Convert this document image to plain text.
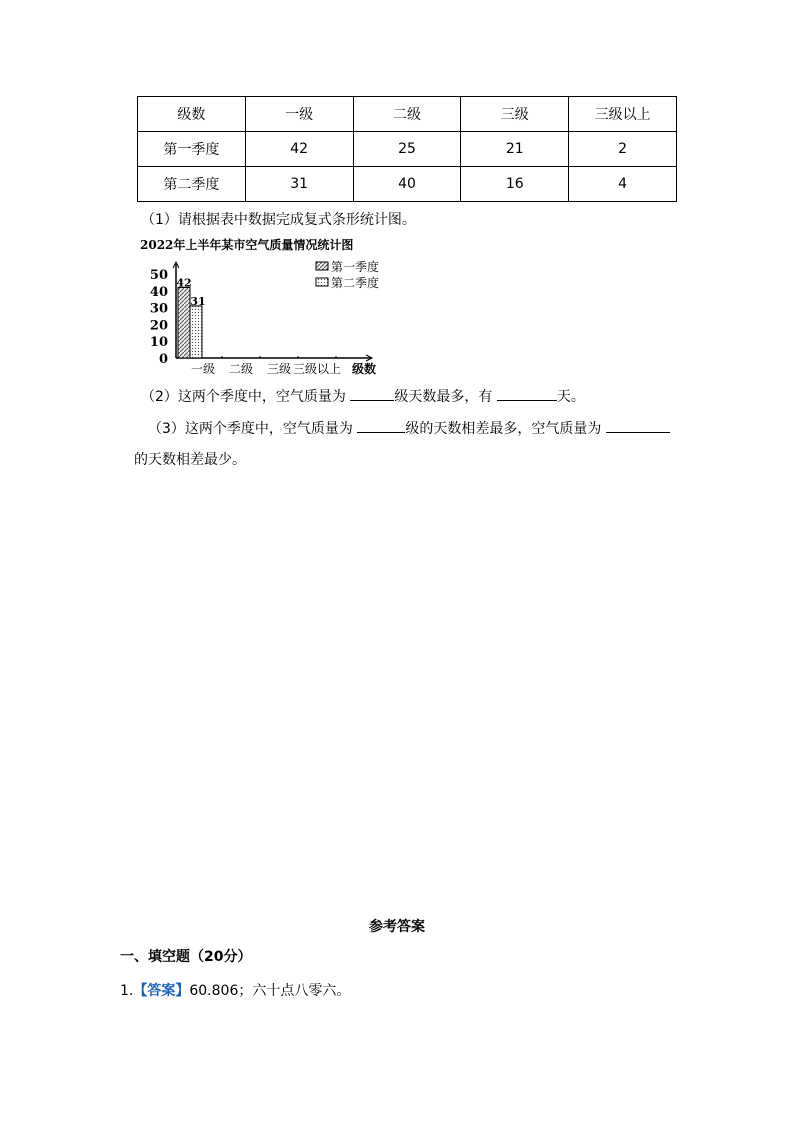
级数	一级	二级	三级	三级以上
第一季度	42	25	21	2
第二季度	31	40	16	4
（1）请根据表中数据完成复式条形统计图。
2022年上半年某市空气质量情况统计图
0
10
20
30
40
50
一级 二级 三级 三级以上 级数
42
31
第一季度
第二季度
（2）这两个季度中，空气质量为	级天数最多，有	天。
（3）这两个季度中，空气质量为	级的天数相差最多，空气质量为
的天数相差最少。
参考答案
一、填空题（20分）
1.【答案】60.806；六十点八零六。
